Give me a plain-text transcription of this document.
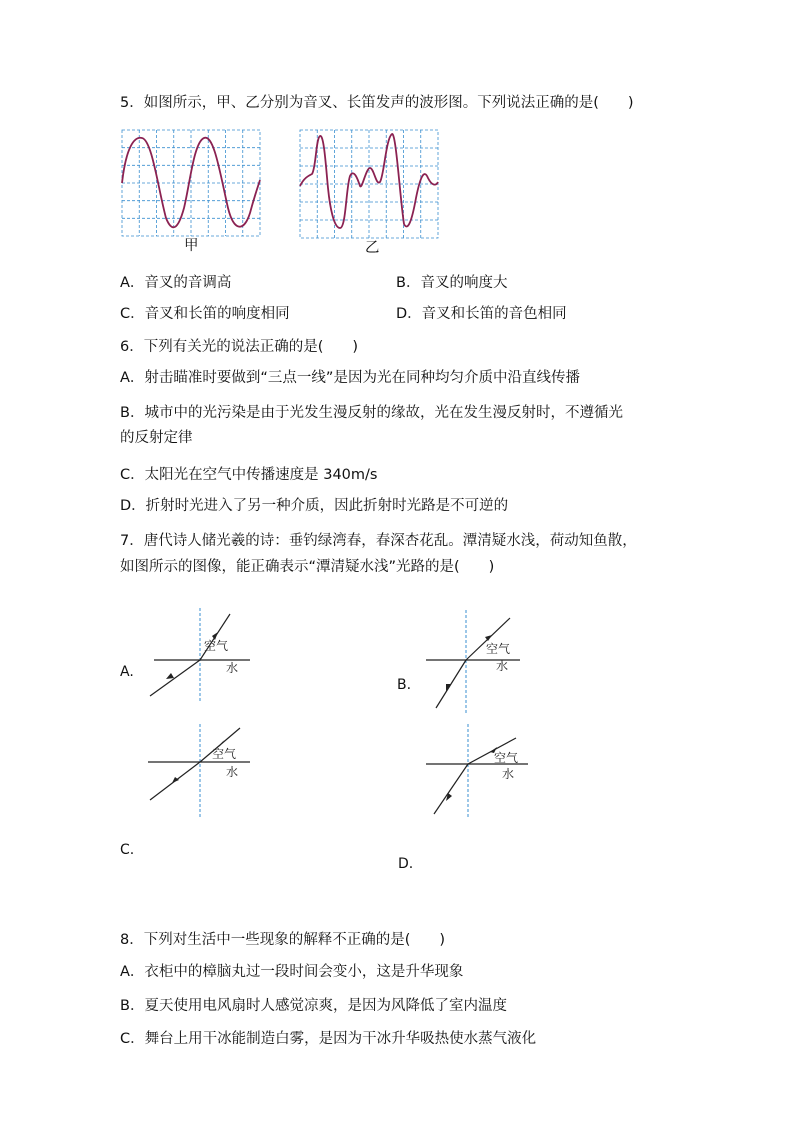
5．如图所示，甲、乙分别为音叉、长笛发声的波形图。下列说法正确的是(　　)
甲	乙
A．音叉的音调高	B．音叉的响度大
C．音叉和长笛的响度相同	D．音叉和长笛的音色相同
6．下列有关光的说法正确的是(　　)
A．射击瞄准时要做到“三点一线”是因为光在同种均匀介质中沿直线传播
B．城市中的光污染是由于光发生漫反射的缘故，光在发生漫反射时，不遵循光
的反射定律
C．太阳光在空气中传播速度是 340m/s
D．折射时光进入了另一种介质，因此折射时光路是不可逆的
7．唐代诗人储光羲的诗：垂钓绿湾春，春深杏花乱。潭清疑水浅，荷动知鱼散，
如图所示的图像，能正确表示“潭清疑水浅”光路的是(　　)
A.
空气
水
B.
空气
水
空气
水
C.
空气
水
D.
8．下列对生活中一些现象的解释不正确的是(　　)
A．衣柜中的樟脑丸过一段时间会变小，这是升华现象
B．夏天使用电风扇时人感觉凉爽，是因为风降低了室内温度
C．舞台上用干冰能制造白雾，是因为干冰升华吸热使水蒸气液化
